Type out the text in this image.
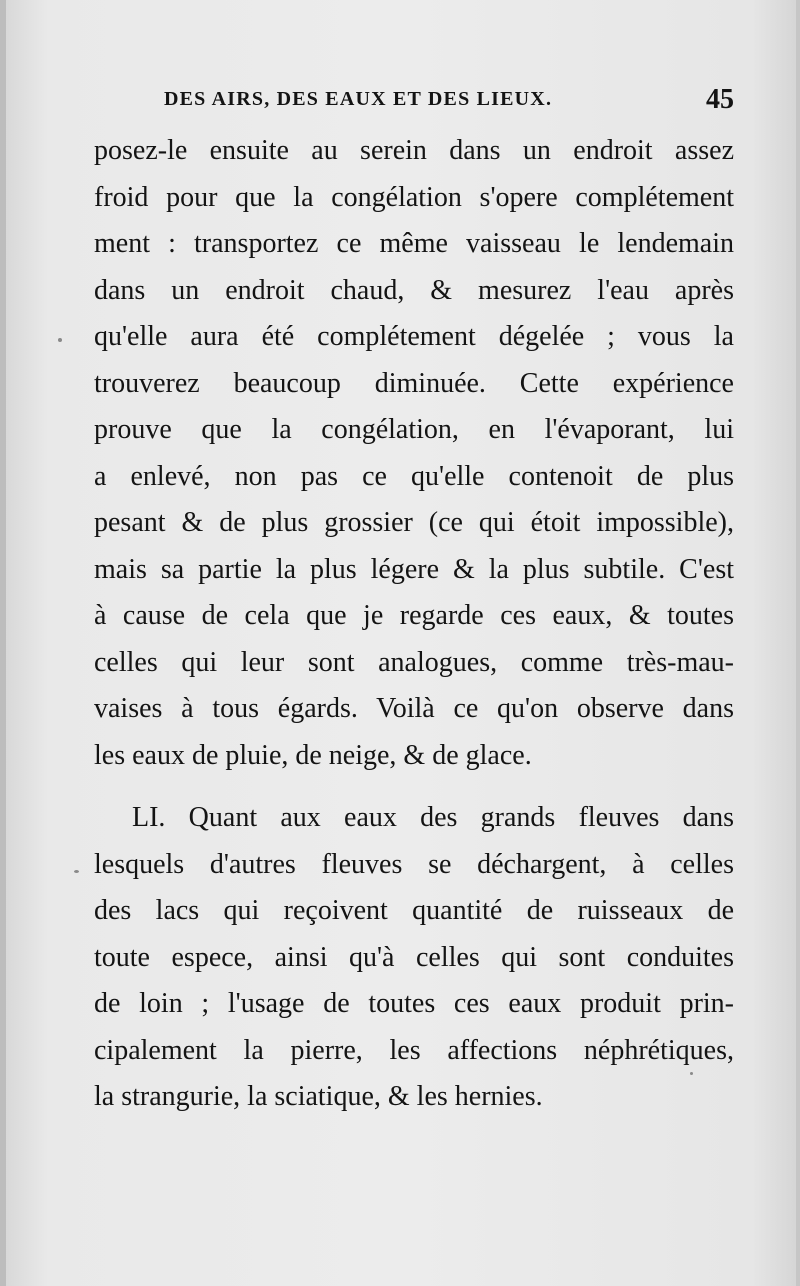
DES AIRS, DES EAUX ET DES LIEUX.	45
posez-le ensuite au serein dans un endroit assez
froid pour que la congélation s'opere complétement
ment : transportez ce même vaisseau le lendemain
dans un endroit chaud, & mesurez l'eau après
qu'elle aura été complétement dégelée ; vous la
trouverez beaucoup diminuée. Cette expérience
prouve que la congélation, en l'évaporant, lui
a enlevé, non pas ce qu'elle contenoit de plus
pesant & de plus grossier (ce qui étoit impossible),
mais sa partie la plus légere & la plus subtile. C'est
à cause de cela que je regarde ces eaux, & toutes
celles qui leur sont analogues, comme très-mau-
vaises à tous égards. Voilà ce qu'on observe dans
les eaux de pluie, de neige, & de glace.
LI. Quant aux eaux des grands fleuves dans
lesquels d'autres fleuves se déchargent, à celles
des lacs qui reçoivent quantité de ruisseaux de
toute espece, ainsi qu'à celles qui sont conduites
de loin ; l'usage de toutes ces eaux produit prin-
cipalement la pierre, les affections néphrétiques,
la strangurie, la sciatique, & les hernies.
